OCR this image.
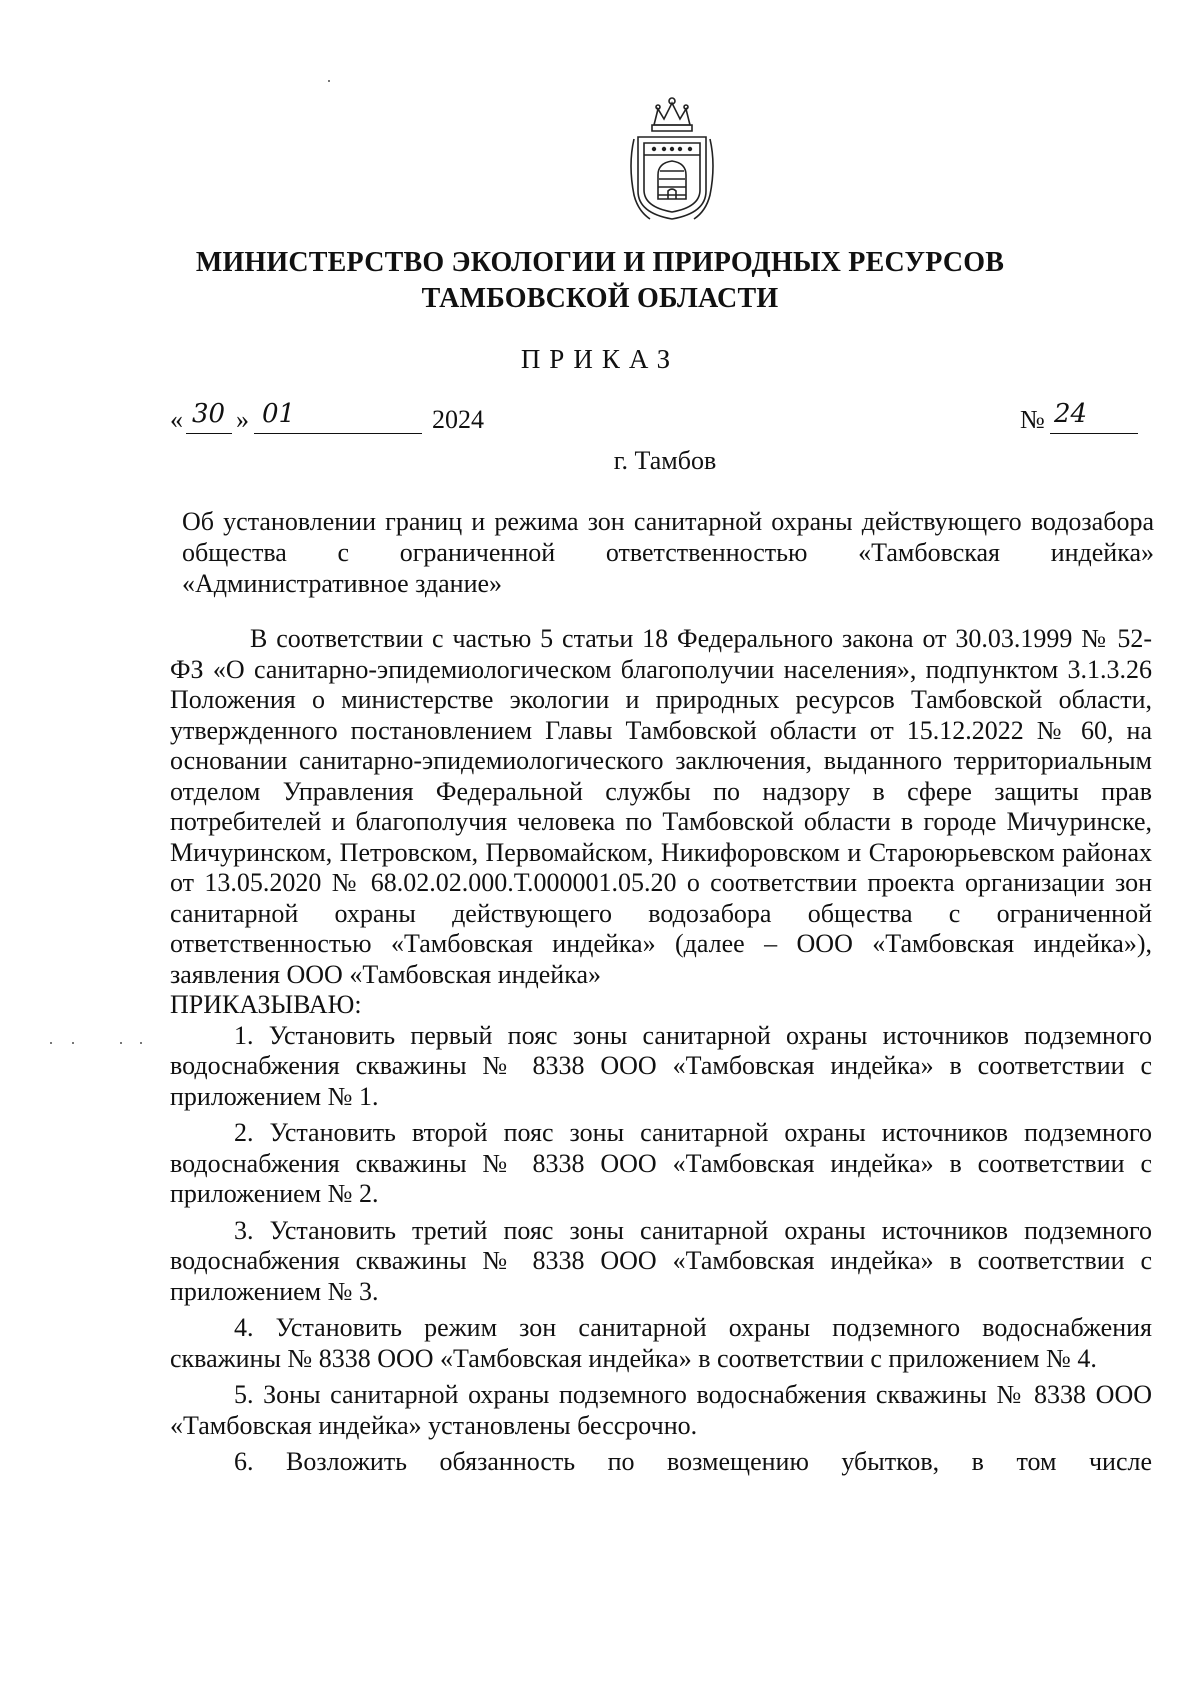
МИНИСТЕРСТВО ЭКОЛОГИИ И ПРИРОДНЫХ РЕСУРСОВ
ТАМБОВСКОЙ ОБЛАСТИ
ПРИКАЗ
« 30 » 01	2024	№ 24
г. Тамбов
Об установлении границ и режима зон санитарной охраны действующего водозабора общества с ограниченной ответственностью «Тамбовская индейка» «Административное здание»

В соответствии с частью 5 статьи 18 Федерального закона от 30.03.1999 № 52-ФЗ «О санитарно-эпидемиологическом благополучии населения», подпунктом 3.1.3.26 Положения о министерстве экологии и природных ресурсов Тамбовской области, утвержденного постановлением Главы Тамбовской области от 15.12.2022 № 60, на основании санитарно-эпидемиологического заключения, выданного территориальным отделом Управления Федеральной службы по надзору в сфере защиты прав потребителей и благополучия человека по Тамбовской области в городе Мичуринске, Мичуринском, Петровском, Первомайском, Никифоровском и Староюрьевском районах от 13.05.2020 № 68.02.02.000.Т.000001.05.20 о соответствии проекта организации зон санитарной охраны действующего водозабора общества с ограниченной ответственностью «Тамбовская индейка» (далее – ООО «Тамбовская индейка»), заявления ООО «Тамбовская индейка»

ПРИКАЗЫВАЮ:

1. Установить первый пояс зоны санитарной охраны источников подземного водоснабжения скважины № 8338 ООО «Тамбовская индейка» в соответствии с приложением № 1.

2. Установить второй пояс зоны санитарной охраны источников подземного водоснабжения скважины № 8338 ООО «Тамбовская индейка» в соответствии с приложением № 2.

3. Установить третий пояс зоны санитарной охраны источников подземного водоснабжения скважины № 8338 ООО «Тамбовская индейка» в соответствии с приложением № 3.

4. Установить режим зон санитарной охраны подземного водоснабжения скважины № 8338 ООО «Тамбовская индейка» в соответствии с приложением № 4.

5. Зоны санитарной охраны подземного водоснабжения скважины № 8338 ООО «Тамбовская индейка» установлены бессрочно.

6. Возложить обязанность по возмещению убытков, в том числе
